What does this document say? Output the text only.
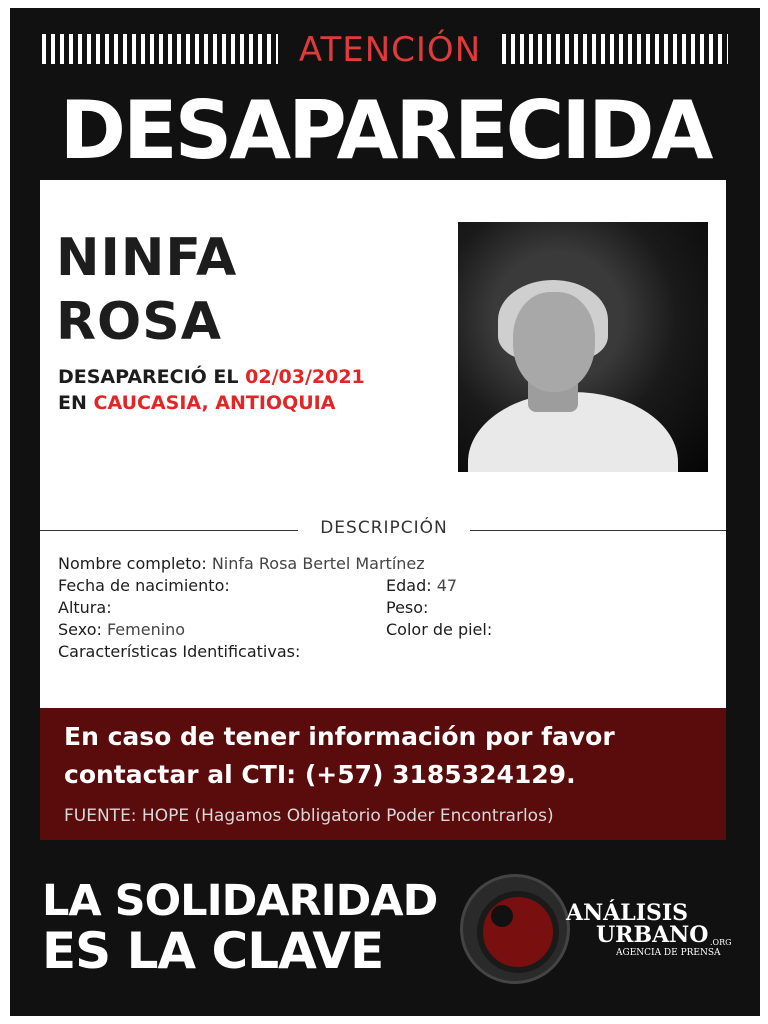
ATENCIÓN
DESAPARECIDA
NINFA
ROSA
DESAPARECIÓ EL 02/03/2021
EN CAUCASIA, ANTIOQUIA
DESCRIPCIÓN
Nombre completo: Ninfa Rosa Bertel Martínez
Fecha de nacimiento:	Edad: 47
Altura:	Peso:
Sexo: Femenino	Color de piel:
Características Identificativas:
En caso de tener información por favor
contactar al CTI: (+57) 3185324129.
FUENTE: HOPE (Hagamos Obligatorio Poder Encontrarlos)
LA SOLIDARIDAD
ES LA CLAVE
ANÁLISIS
URBANO .ORG
AGENCIA DE PRENSA
